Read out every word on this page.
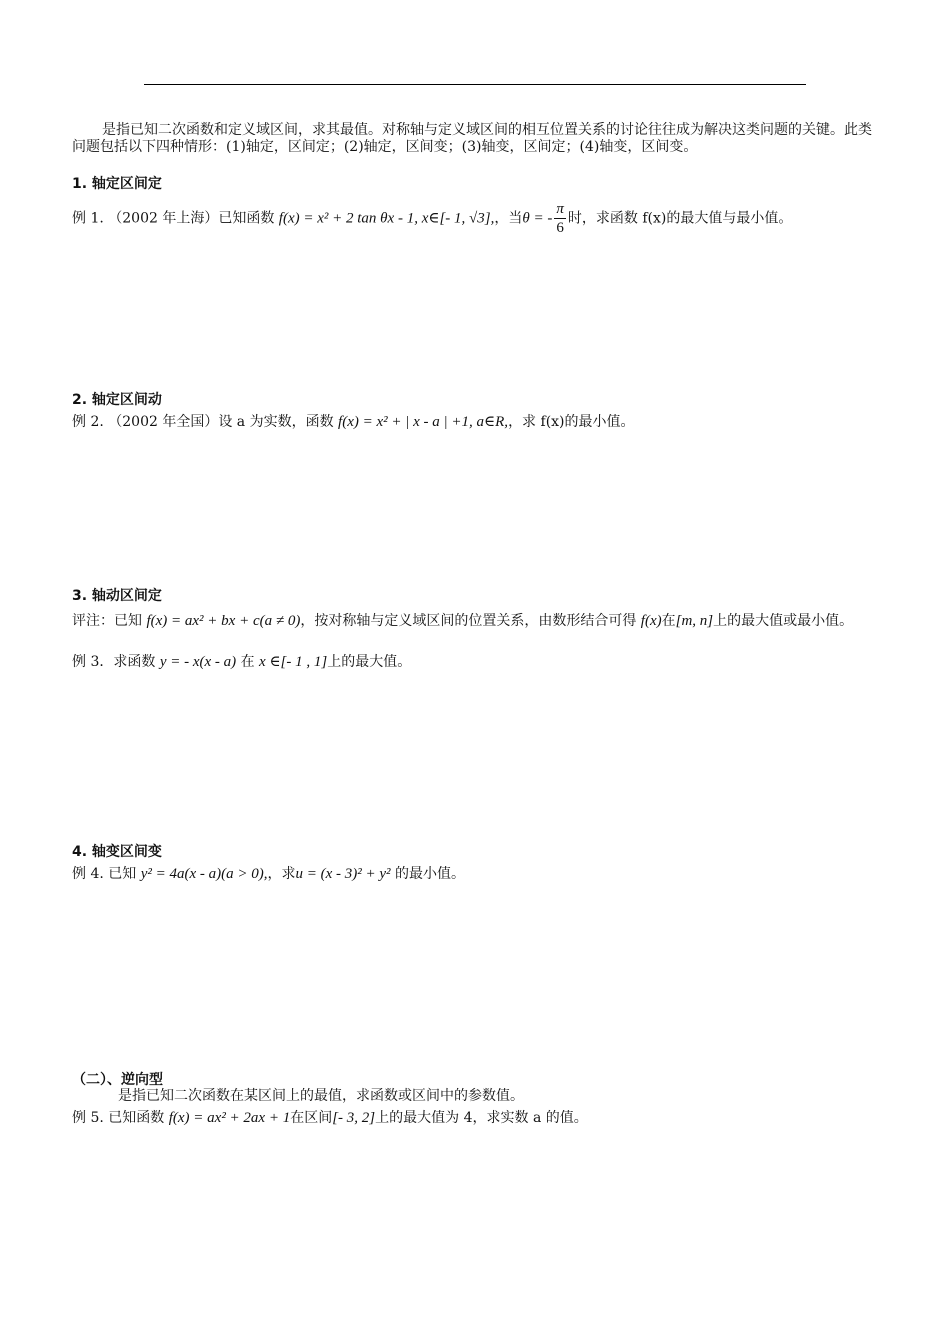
是指已知二次函数和定义域区间，求其最值。对称轴与定义域区间的相互位置关系的讨论往往成为解决这类问题的关键。此类问题包括以下四种情形：(1)轴定，区间定；(2)轴定，区间变；(3)轴变，区间定；(4)轴变，区间变。
1. 轴定区间定
例 1. （2002 年上海）已知函数 f(x) = x² + 2 tan θx - 1, x∈[- 1, √3],，当θ = - $\frac{\pi}{6}$ 时，求函数 f(x)的最大值与最小值。
2. 轴定区间动
例 2. （2002 年全国）设 a 为实数，函数 f(x) = x² + | x - a | +1, a∈R,，求 f(x)的最小值。
3. 轴动区间定
评注：已知 f(x) = ax² + bx + c(a ≠ 0)，按对称轴与定义域区间的位置关系，由数形结合可得 f(x)在[m, n]上的最大值或最小值。
例 3．求函数 y = - x(x - a) 在 x ∈[- 1 , 1]上的最大值。
4. 轴变区间变
例 4. 已知 y² = 4a(x - a)(a > 0),，求u = (x - 3)² + y² 的最小值。
（二）、逆向型
是指已知二次函数在某区间上的最值，求函数或区间中的参数值。
例 5. 已知函数 f(x) = ax² + 2ax + 1在区间[- 3, 2]上的最大值为 4，求实数 a 的值。
